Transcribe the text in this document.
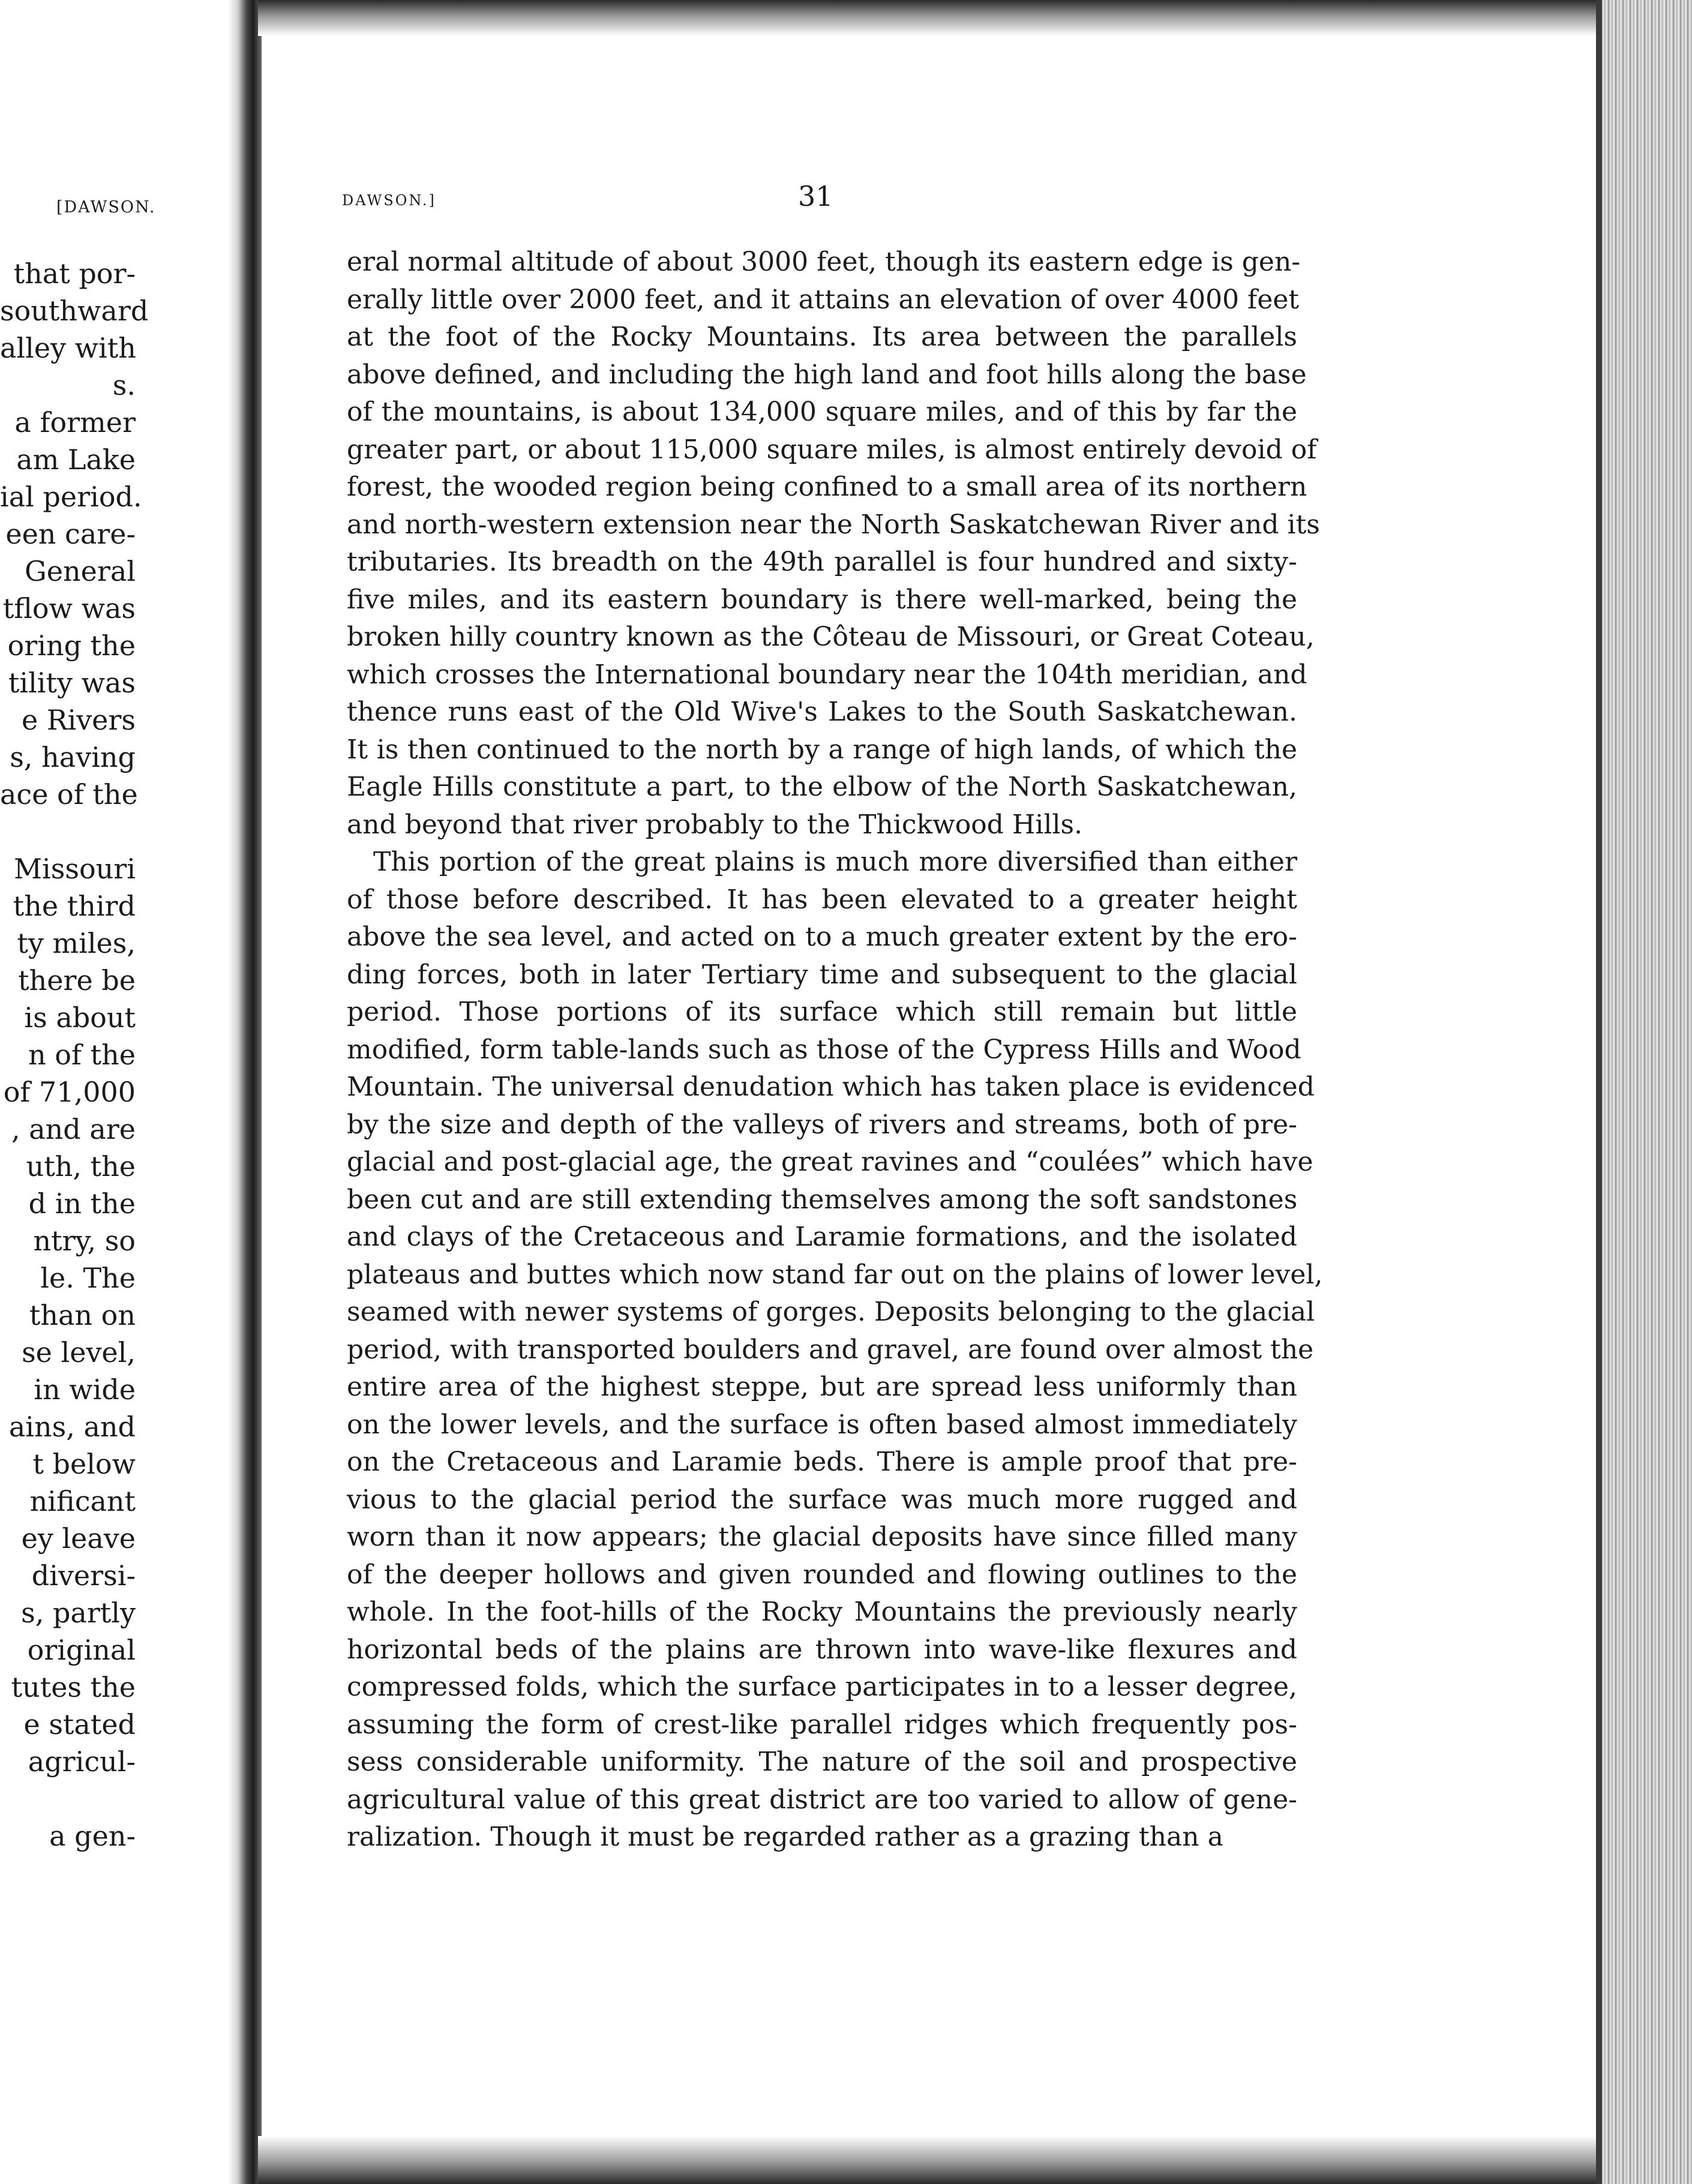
[DAWSON.
that por-
southward
alley with
s.
a former
am Lake
ial period.
een care-
General
tflow was
oring the
tility was
e Rivers
s, having
ace of the
Missouri
the third
ty miles,
there be
is about
n of the
of 71,000
, and are
uth, the
d in the
ntry, so
le. The
than on
se level,
in wide
ains, and
t below
nificant
ey leave
diversi-
s, partly
original
tutes the
e stated
agricul-
a gen-
DAWSON.]	31
eral normal altitude of about 3000 feet, though its eastern edge is gen-
erally little over 2000 feet, and it attains an elevation of over 4000 feet
at the foot of the Rocky Mountains. Its area between the parallels
above defined, and including the high land and foot hills along the base
of the mountains, is about 134,000 square miles, and of this by far the
greater part, or about 115,000 square miles, is almost entirely devoid of
forest, the wooded region being confined to a small area of its northern
and north-western extension near the North Saskatchewan River and its
tributaries. Its breadth on the 49th parallel is four hundred and sixty-
five miles, and its eastern boundary is there well-marked, being the
broken hilly country known as the Côteau de Missouri, or Great Coteau,
which crosses the International boundary near the 104th meridian, and
thence runs east of the Old Wive's Lakes to the South Saskatchewan.
It is then continued to the north by a range of high lands, of which the
Eagle Hills constitute a part, to the elbow of the North Saskatchewan,
and beyond that river probably to the Thickwood Hills.
This portion of the great plains is much more diversified than either
of those before described. It has been elevated to a greater height
above the sea level, and acted on to a much greater extent by the ero-
ding forces, both in later Tertiary time and subsequent to the glacial
period. Those portions of its surface which still remain but little
modified, form table-lands such as those of the Cypress Hills and Wood
Mountain. The universal denudation which has taken place is evidenced
by the size and depth of the valleys of rivers and streams, both of pre-
glacial and post-glacial age, the great ravines and “coulées” which have
been cut and are still extending themselves among the soft sandstones
and clays of the Cretaceous and Laramie formations, and the isolated
plateaus and buttes which now stand far out on the plains of lower level,
seamed with newer systems of gorges. Deposits belonging to the glacial
period, with transported boulders and gravel, are found over almost the
entire area of the highest steppe, but are spread less uniformly than
on the lower levels, and the surface is often based almost immediately
on the Cretaceous and Laramie beds. There is ample proof that pre-
vious to the glacial period the surface was much more rugged and
worn than it now appears; the glacial deposits have since filled many
of the deeper hollows and given rounded and flowing outlines to the
whole. In the foot-hills of the Rocky Mountains the previously nearly
horizontal beds of the plains are thrown into wave-like flexures and
compressed folds, which the surface participates in to a lesser degree,
assuming the form of crest-like parallel ridges which frequently pos-
sess considerable uniformity. The nature of the soil and prospective
agricultural value of this great district are too varied to allow of gene-
ralization. Though it must be regarded rather as a grazing than a
